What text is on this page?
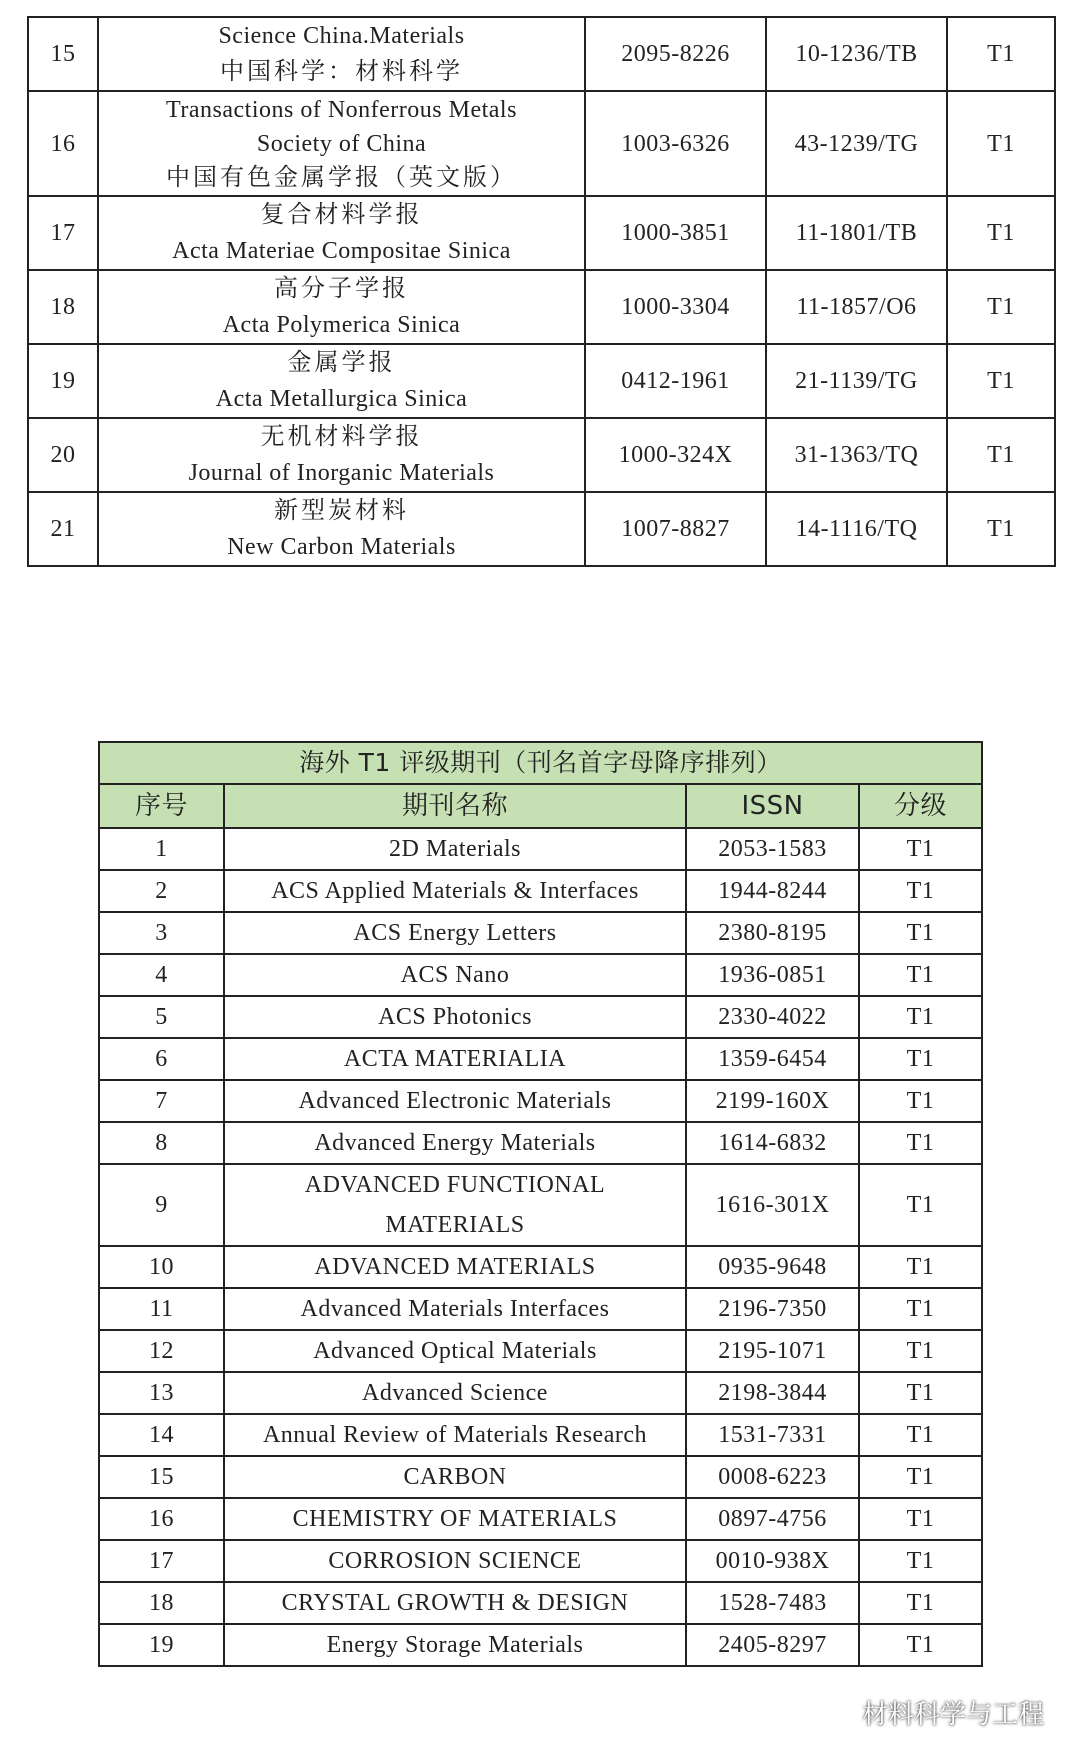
15	Science China.Materials
中国科学：材料科学	2095-8226	10-1236/TB	T1
16	Transactions of Nonferrous Metals
Society of China
中国有色金属学报（英文版）	1003-6326	43-1239/TG	T1
17	复合材料学报
Acta Materiae Compositae Sinica	1000-3851	11-1801/TB	T1
18	高分子学报
Acta Polymerica Sinica	1000-3304	11-1857/O6	T1
19	金属学报
Acta Metallurgica Sinica	0412-1961	21-1139/TG	T1
20	无机材料学报
Journal of Inorganic Materials	1000-324X	31-1363/TQ	T1
21	新型炭材料
New Carbon Materials	1007-8827	14-1116/TQ	T1
海外 T1 评级期刊（刊名首字母降序排列）			
序号	期刊名称	ISSN	分级
1	2D Materials	2053-1583	T1
2	ACS Applied Materials & Interfaces	1944-8244	T1
3	ACS Energy Letters	2380-8195	T1
4	ACS Nano	1936-0851	T1
5	ACS Photonics	2330-4022	T1
6	ACTA MATERIALIA	1359-6454	T1
7	Advanced Electronic Materials	2199-160X	T1
8	Advanced Energy Materials	1614-6832	T1
9	ADVANCED FUNCTIONAL
MATERIALS	1616-301X	T1
10	ADVANCED MATERIALS	0935-9648	T1
11	Advanced Materials Interfaces	2196-7350	T1
12	Advanced Optical Materials	2195-1071	T1
13	Advanced Science	2198-3844	T1
14	Annual Review of Materials Research	1531-7331	T1
15	CARBON	0008-6223	T1
16	CHEMISTRY OF MATERIALS	0897-4756	T1
17	CORROSION SCIENCE	0010-938X	T1
18	CRYSTAL GROWTH & DESIGN	1528-7483	T1
19	Energy Storage Materials	2405-8297	T1
材料科学与工程
